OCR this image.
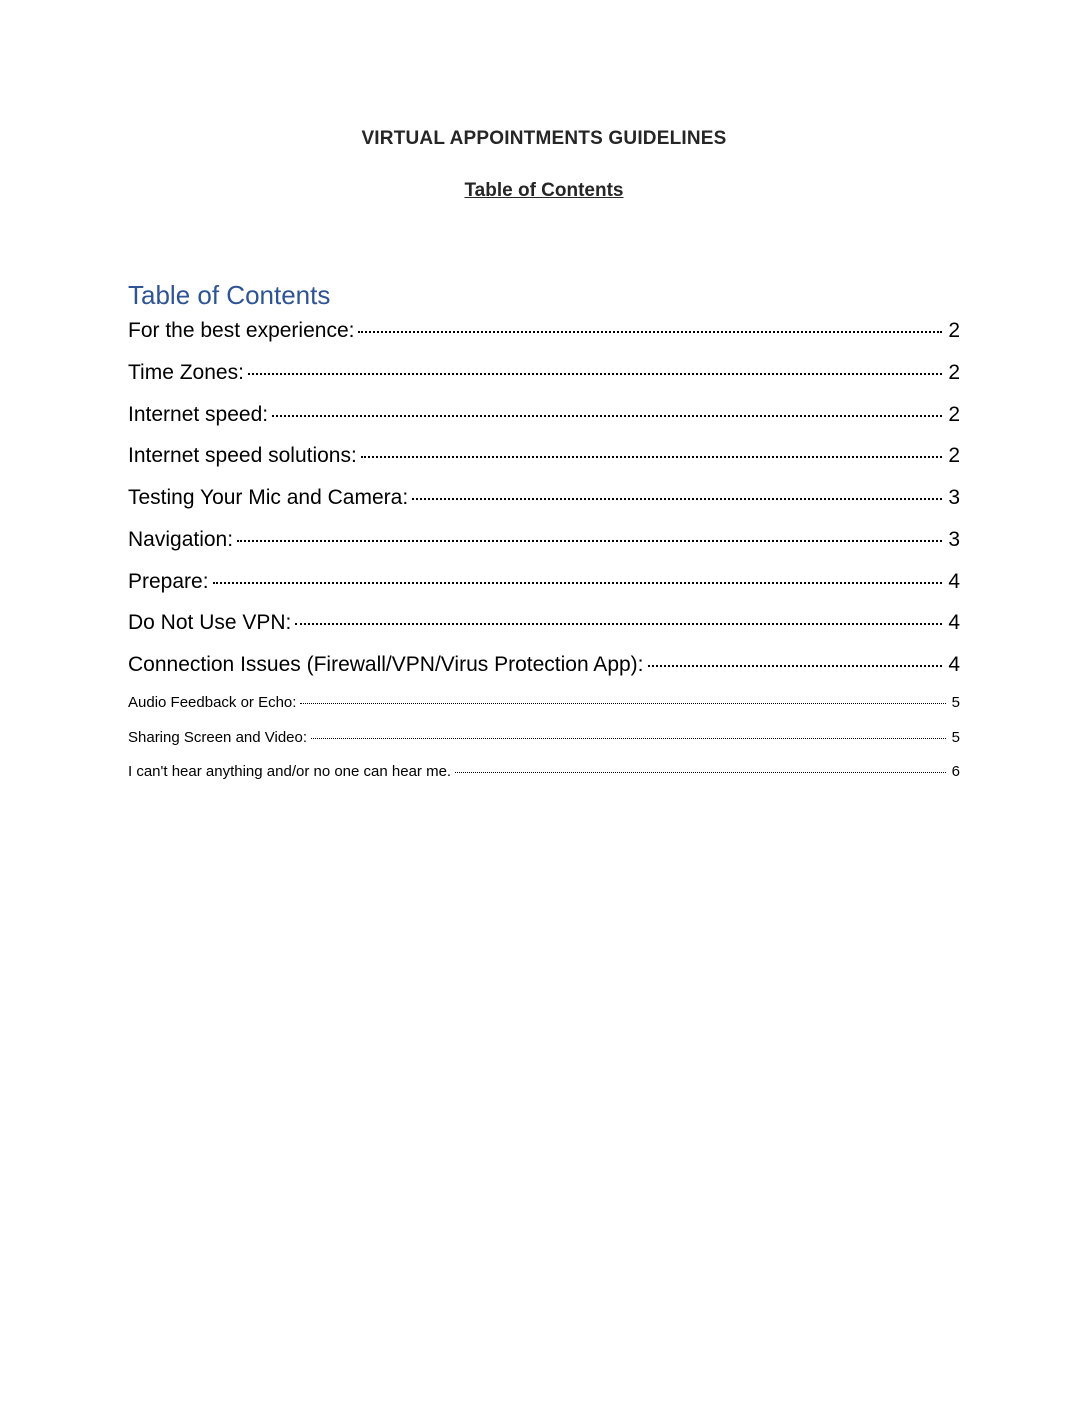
VIRTUAL APPOINTMENTS GUIDELINES
Table of Contents
Table of Contents
For the best experience:	2
Time Zones:	2
Internet speed:	2
Internet speed solutions:	2
Testing Your Mic and Camera:	3
Navigation:	3
Prepare:	4
Do Not Use VPN:	4
Connection Issues (Firewall/VPN/Virus Protection App):	4
Audio Feedback or Echo:	5
Sharing Screen and Video:	5
I can't hear anything and/or no one can hear me.	6
